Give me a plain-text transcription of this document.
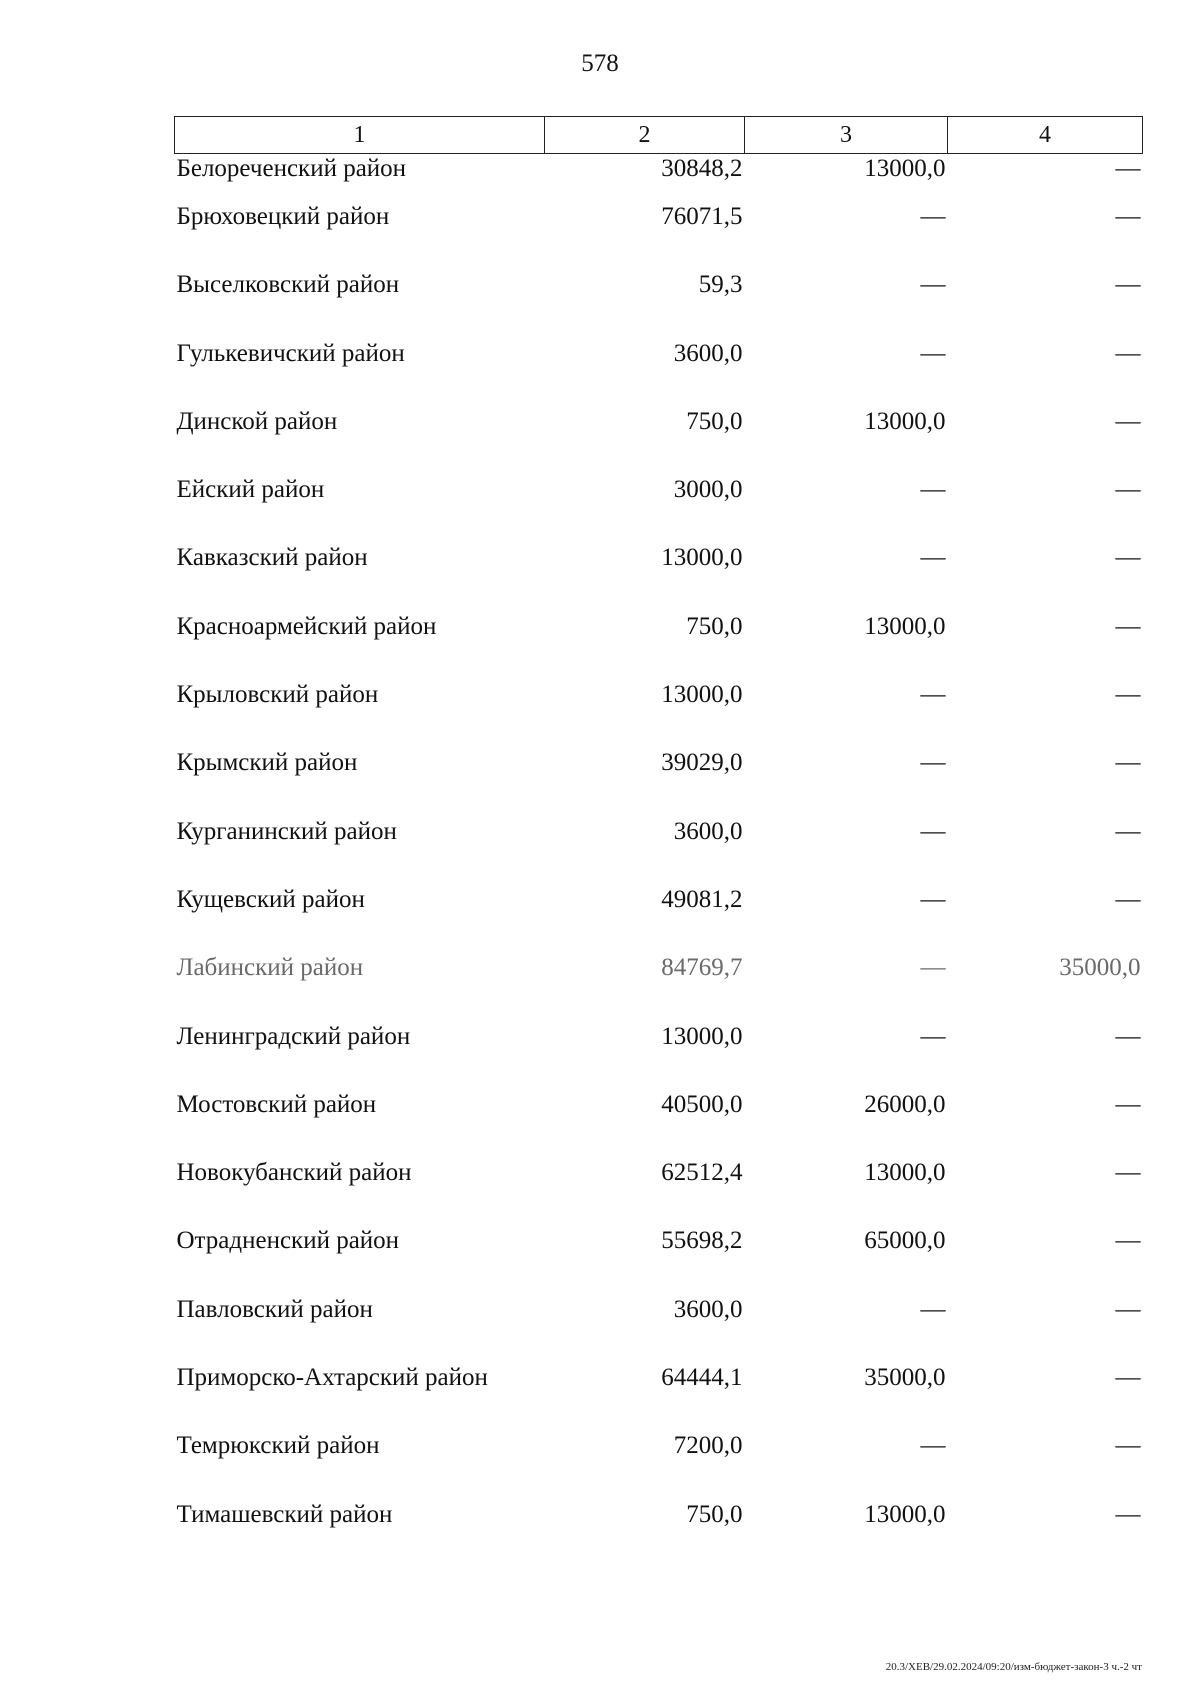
578
1	2	3	4
Белореченский район	30848,2	13000,0	—
Брюховецкий район	76071,5	—	—
Выселковский район	59,3	—	—
Гулькевичский район	3600,0	—	—
Динской район	750,0	13000,0	—
Ейский район	3000,0	—	—
Кавказский район	13000,0	—	—
Красноармейский район	750,0	13000,0	—
Крыловский район	13000,0	—	—
Крымский район	39029,0	—	—
Курганинский район	3600,0	—	—
Кущевский район	49081,2	—	—
Лабинский район	84769,7	—	35000,0
Ленинградский район	13000,0	—	—
Мостовский район	40500,0	26000,0	—
Новокубанский район	62512,4	13000,0	—
Отрадненский район	55698,2	65000,0	—
Павловский район	3600,0	—	—
Приморско-Ахтарский район	64444,1	35000,0	—
Темрюкский район	7200,0	—	—
Тимашевский район	750,0	13000,0	—
20.3/ХЕВ/29.02.2024/09:20/изм-бюджет-закон-3 ч.-2 чт
